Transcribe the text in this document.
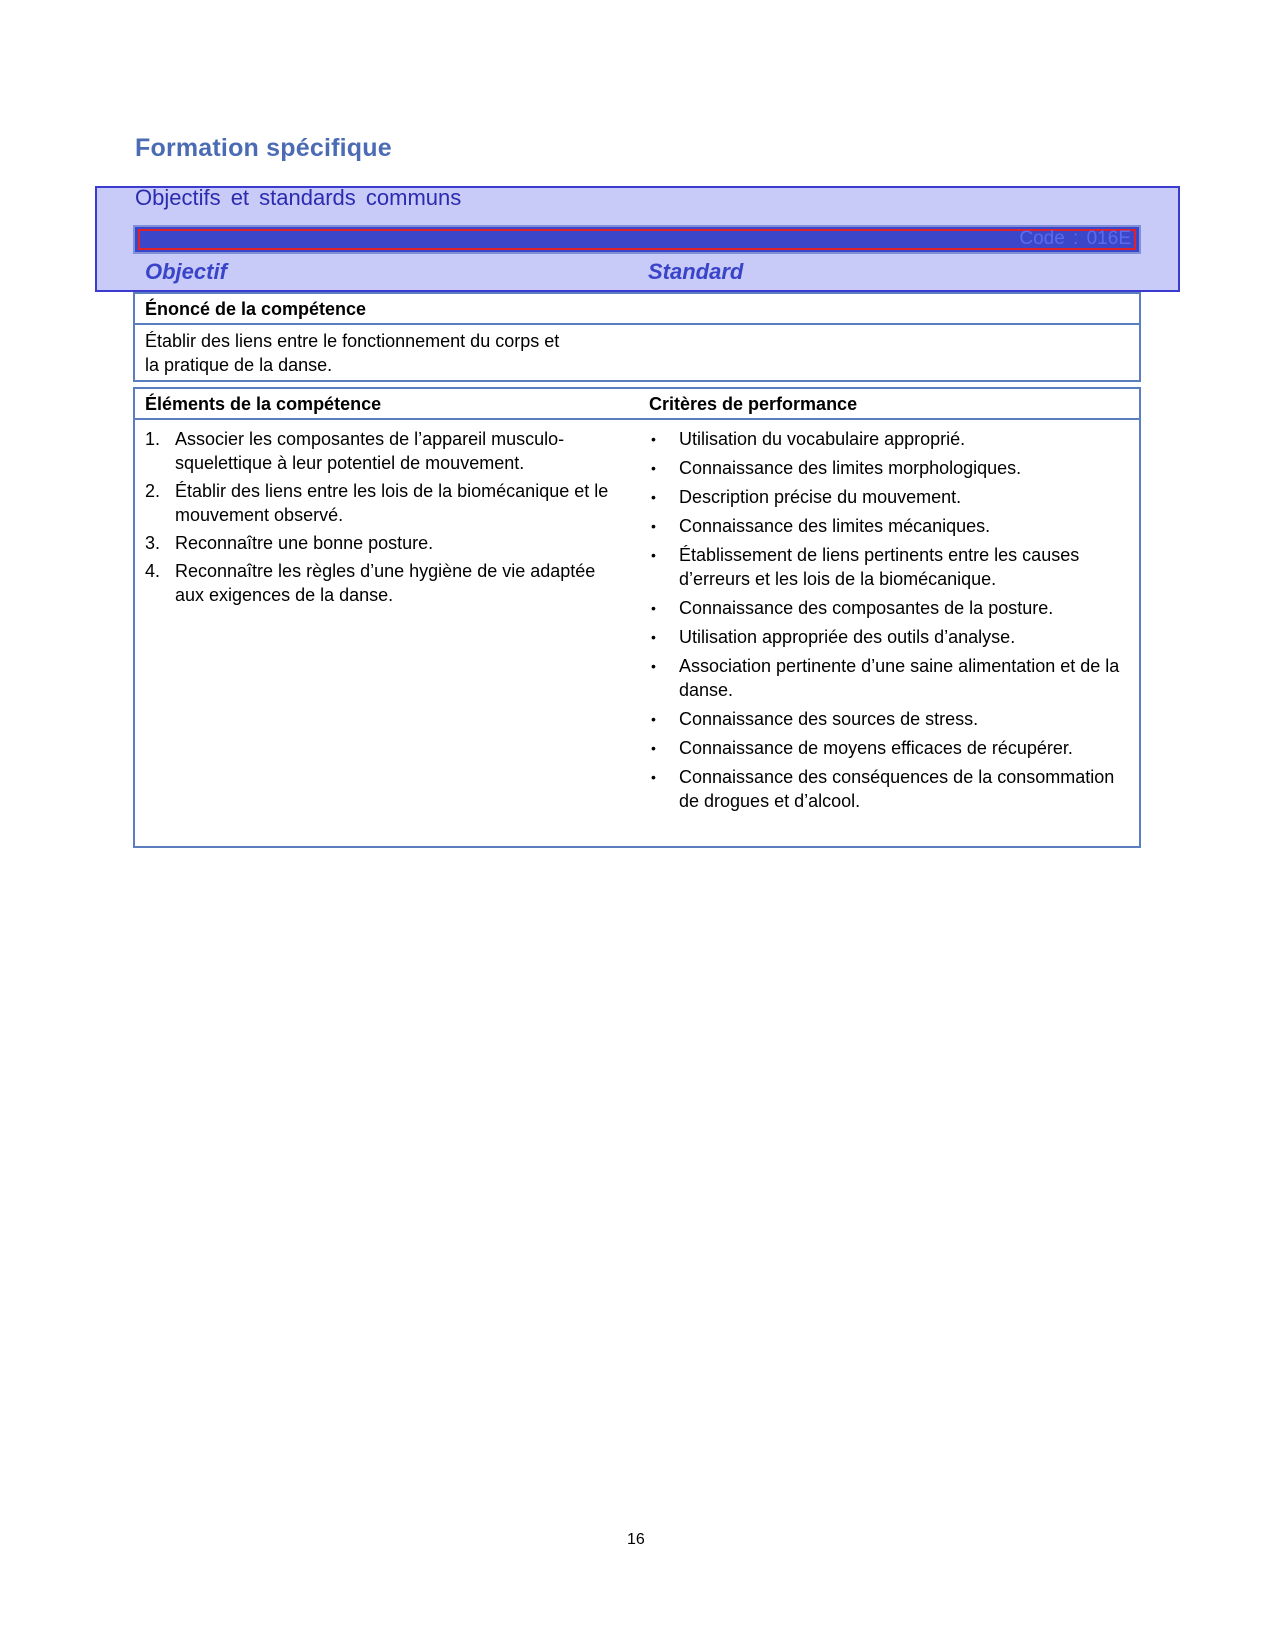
Formation spécifique
Objectifs et standards communs
Code : 016E
Objectif	Standard
Énoncé de la compétence
Établir des liens entre le fonctionnement du corps et
la pratique de la danse.
Éléments de la compétence	Critères de performance
1. Associer les composantes de l’appareil musculo-squelettique à leur potentiel de mouvement.
2. Établir des liens entre les lois de la biomécanique et le mouvement observé.
3. Reconnaître une bonne posture.
4. Reconnaître les règles d’une hygiène de vie adaptée aux exigences de la danse.
• Utilisation du vocabulaire approprié.
• Connaissance des limites morphologiques.
• Description précise du mouvement.
• Connaissance des limites mécaniques.
• Établissement de liens pertinents entre les causes d’erreurs et les lois de la biomécanique.
• Connaissance des composantes de la posture.
• Utilisation appropriée des outils d’analyse.
• Association pertinente d’une saine alimentation et de la danse.
• Connaissance des sources de stress.
• Connaissance de moyens efficaces de récupérer.
• Connaissance des conséquences de la consommation de drogues et d’alcool.
16
